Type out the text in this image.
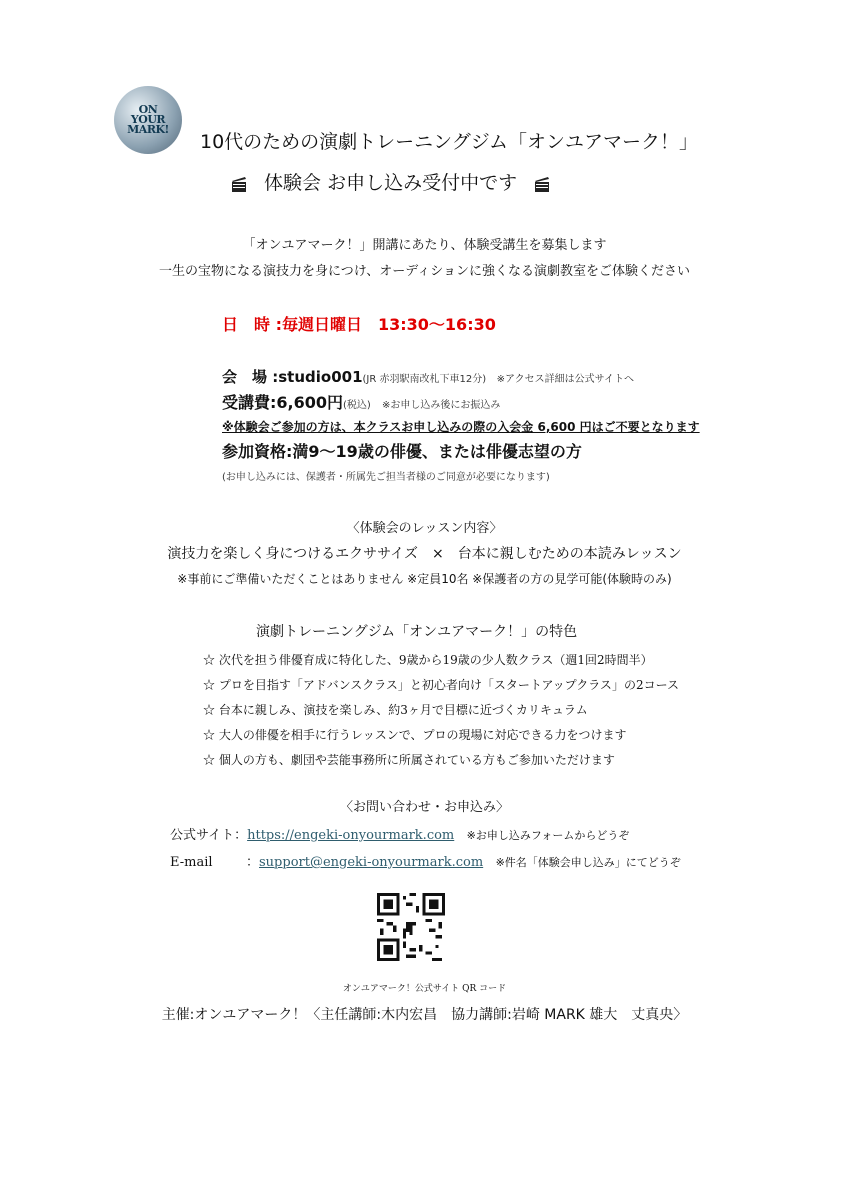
ON
YOUR
MARK!
10代のための演劇トレーニングジム「オンユアマーク！」
体験会 お申し込み受付中です
「オンユアマーク！」開講にあたり、体験受講生を募集します
一生の宝物になる演技力を身につけ、オーディションに強くなる演劇教室をご体験ください
日　時 :毎週日曜日　13:30〜16:30
会　場 :studio001(JR 赤羽駅南改札下車12分) ※アクセス詳細は公式サイトへ
受講費:6,600円(税込) ※お申し込み後にお振込み
※体験会ご参加の方は、本クラスお申し込みの際の入会金 6,600 円はご不要となります
参加資格:満9〜19歳の俳優、または俳優志望の方
(お申し込みには、保護者・所属先ご担当者様のご同意が必要になります)
〈体験会のレッスン内容〉
演技力を楽しく身につけるエクササイズ　×　台本に親しむための本読みレッスン
※事前にご準備いただくことはありません ※定員10名 ※保護者の方の見学可能(体験時のみ)
演劇トレーニングジム「オンユアマーク！」の特色
☆ 次代を担う俳優育成に特化した、9歳から19歳の少人数クラス（週1回2時間半）
☆ プロを目指す「アドバンスクラス」と初心者向け「スタートアップクラス」の2コース
☆ 台本に親しみ、演技を楽しみ、約3ヶ月で目標に近づくカリキュラム
☆ 大人の俳優を相手に行うレッスンで、プロの現場に対応できる力をつけます
☆ 個人の方も、劇団や芸能事務所に所属されている方もご参加いただけます
〈お問い合わせ・お申込み〉
公式サイト：https://engeki-onyourmark.com ※お申し込みフォームからどうぞ
E-mail	：support@engeki-onyourmark.com ※件名「体験会申し込み」にてどうぞ
オンユアマーク！公式サイト QR コード
主催:オンユアマーク！〈主任講師:木内宏昌　協力講師:岩崎 MARK 雄大　丈真央〉
